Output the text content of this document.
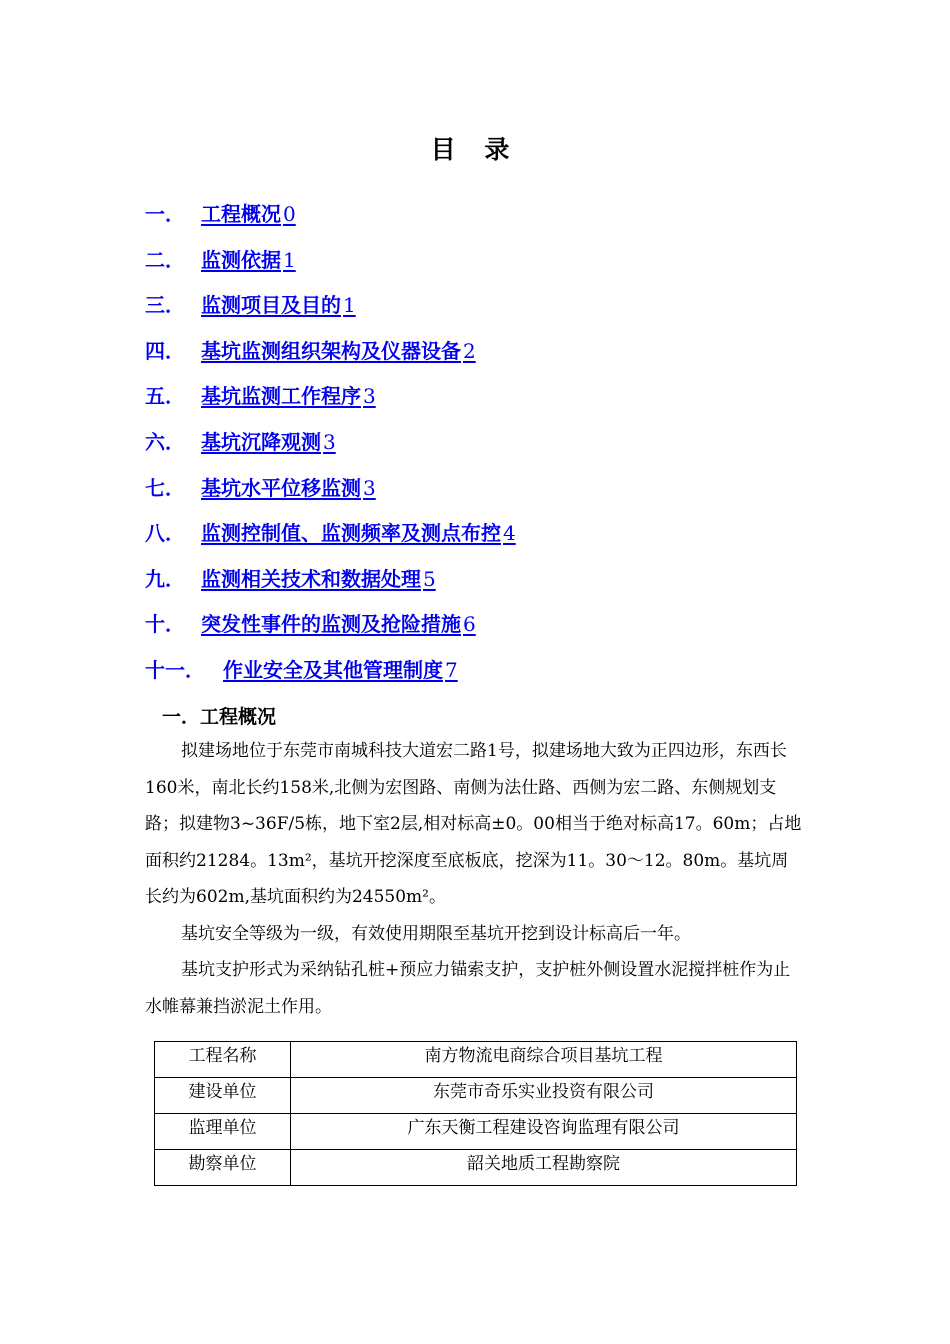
目 录
一． 工程概况 0
二． 监测依据 1
三． 监测项目及目的 1
四． 基坑监测组织架构及仪器设备 2
五． 基坑监测工作程序 3
六． 基坑沉降观测 3
七． 基坑水平位移监测 3
八． 监测控制值、监测频率及测点布控 4
九． 监测相关技术和数据处理 5
十． 突发性事件的监测及抢险措施 6
十一． 作业安全及其他管理制度 7
一．工程概况

拟建场地位于东莞市南城科技大道宏二路1号，拟建场地大致为正四边形，东西长160米，南北长约158米,北侧为宏图路、南侧为法仕路、西侧为宏二路、东侧规划支路；拟建物3~36F/5栋，地下室2层,相对标高±0。00相当于绝对标高17。60m；占地面积约21284。13m²，基坑开挖深度至底板底，挖深为11。30～12。80m。基坑周长约为602m,基坑面积约为24550m²。

基坑安全等级为一级，有效使用期限至基坑开挖到设计标高后一年。

基坑支护形式为采纳钻孔桩+预应力锚索支护，支护桩外侧设置水泥搅拌桩作为止水帷幕兼挡淤泥土作用。

工程名称	南方物流电商综合项目基坑工程
建设单位	东莞市奇乐实业投资有限公司
监理单位	广东天衡工程建设咨询监理有限公司
勘察单位	韶关地质工程勘察院
